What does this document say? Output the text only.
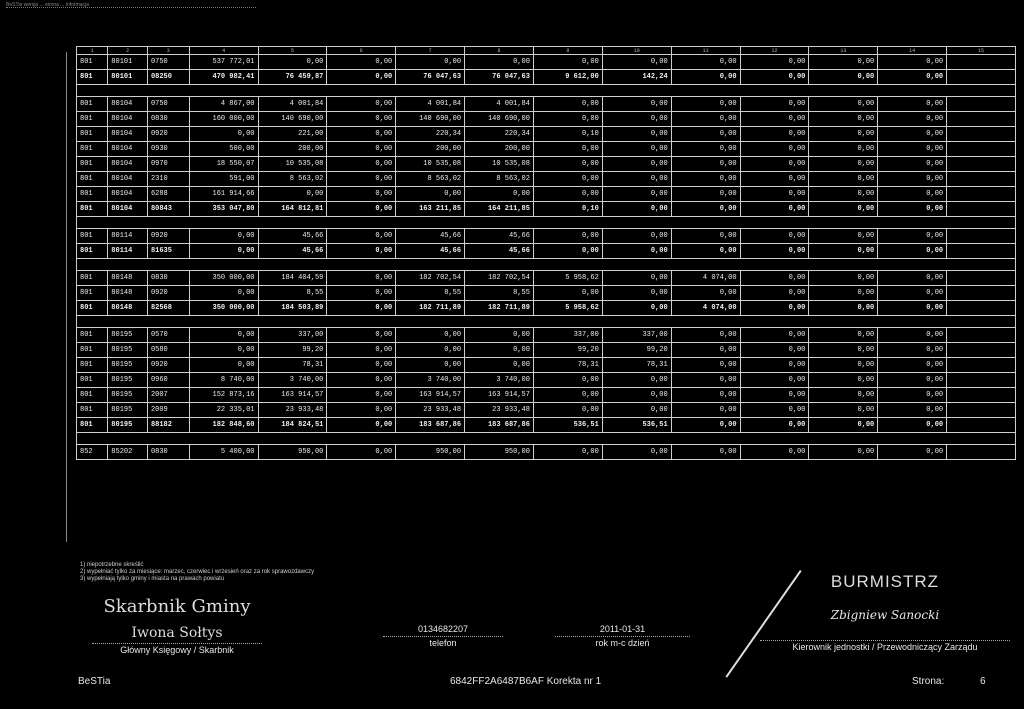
BeSTia wersja ... strona ... informacja
1	2	3	4	5	6	7	8	9	10	11	12	13	14	15
801	80101	0750	537 772,01	0,00	0,00	0,00	0,00	0,00	0,00	0,00	0,00	0,00	0,00	
801	80101	08250	470 982,41	76 459,87	0,00	76 047,63	76 047,63	9 612,00	142,24	0,00	0,00	0,00	0,00	

801	80104	0750	4 867,00	4 001,84	0,00	4 001,84	4 001,84	0,00	0,00	0,00	0,00	0,00	0,00	
801	80104	0830	160 000,00	140 690,00	0,00	140 690,00	140 690,00	0,00	0,00	0,00	0,00	0,00	0,00	
801	80104	0920	0,00	221,00	0,00	220,34	220,34	0,10	0,00	0,00	0,00	0,00	0,00	
801	80104	0930	500,00	200,00	0,00	200,00	200,00	0,00	0,00	0,00	0,00	0,00	0,00	
801	80104	0970	18 550,07	10 535,08	0,00	10 535,08	10 535,08	0,00	0,00	0,00	0,00	0,00	0,00	
801	80104	2310	591,00	8 563,02	0,00	8 563,02	8 563,02	0,00	0,00	0,00	0,00	0,00	0,00	
801	80104	6288	161 914,66	0,00	0,00	0,00	0,00	0,00	0,00	0,00	0,00	0,00	0,00	
801	80104	80843	353 047,80	164 812,81	0,00	163 211,85	164 211,85	0,10	0,00	0,00	0,00	0,00	0,00	

801	80114	0920	0,00	45,66	0,00	45,66	45,66	0,00	0,00	0,00	0,00	0,00	0,00	
801	80114	81635	0,00	45,66	0,00	45,66	45,66	0,00	0,00	0,00	0,00	0,00	0,00	

801	80148	0830	350 000,00	184 404,59	0,00	182 702,54	182 702,54	5 958,62	0,00	4 074,00	0,00	0,00	0,00	
801	80148	0920	0,00	8,55	0,00	8,55	8,55	0,00	0,00	0,00	0,00	0,00	0,00	
801	80148	82568	350 000,00	184 503,89	0,00	182 711,89	182 711,89	5 958,62	0,00	4 074,00	0,00	0,00	0,00	

801	80195	0570	0,00	337,00	0,00	0,00	0,00	337,00	337,00	0,00	0,00	0,00	0,00	
801	80195	0580	0,00	99,20	0,00	0,00	0,00	99,20	99,20	0,00	0,00	0,00	0,00	
801	80195	0920	0,00	78,31	0,00	0,00	0,00	78,31	78,31	0,00	0,00	0,00	0,00	
801	80195	0960	8 740,00	3 740,00	0,00	3 740,00	3 740,00	0,00	0,00	0,00	0,00	0,00	0,00	
801	80195	2007	152 873,16	163 914,57	0,00	163 914,57	163 914,57	0,00	0,00	0,00	0,00	0,00	0,00	
801	80195	2009	22 335,01	23 933,48	0,00	23 933,48	23 933,48	0,00	0,00	0,00	0,00	0,00	0,00	
801	80195	88182	182 848,60	184 824,51	0,00	183 687,86	183 687,86	536,51	536,51	0,00	0,00	0,00	0,00	

852	85202	0830	5 400,00	950,00	0,00	950,00	950,00	0,00	0,00	0,00	0,00	0,00	0,00	
1) niepotrzebne skreślić
2) wypełniać tylko za miesiące: marzec, czerwiec i wrzesień oraz za rok sprawozdawczy
3) wypełniają tylko gminy i miasta na prawach powiatu
Skarbnik Gminy
Iwona Sołtys
Główny Księgowy / Skarbnik
0134682207
telefon
2011-01-31
rok m-c dzień
BURMISTRZ
Zbigniew Sanocki
Kierownik jednostki / Przewodniczący Zarządu
BeSTia	6842FF2A6487B6AF Korekta nr 1	Strona:	6
